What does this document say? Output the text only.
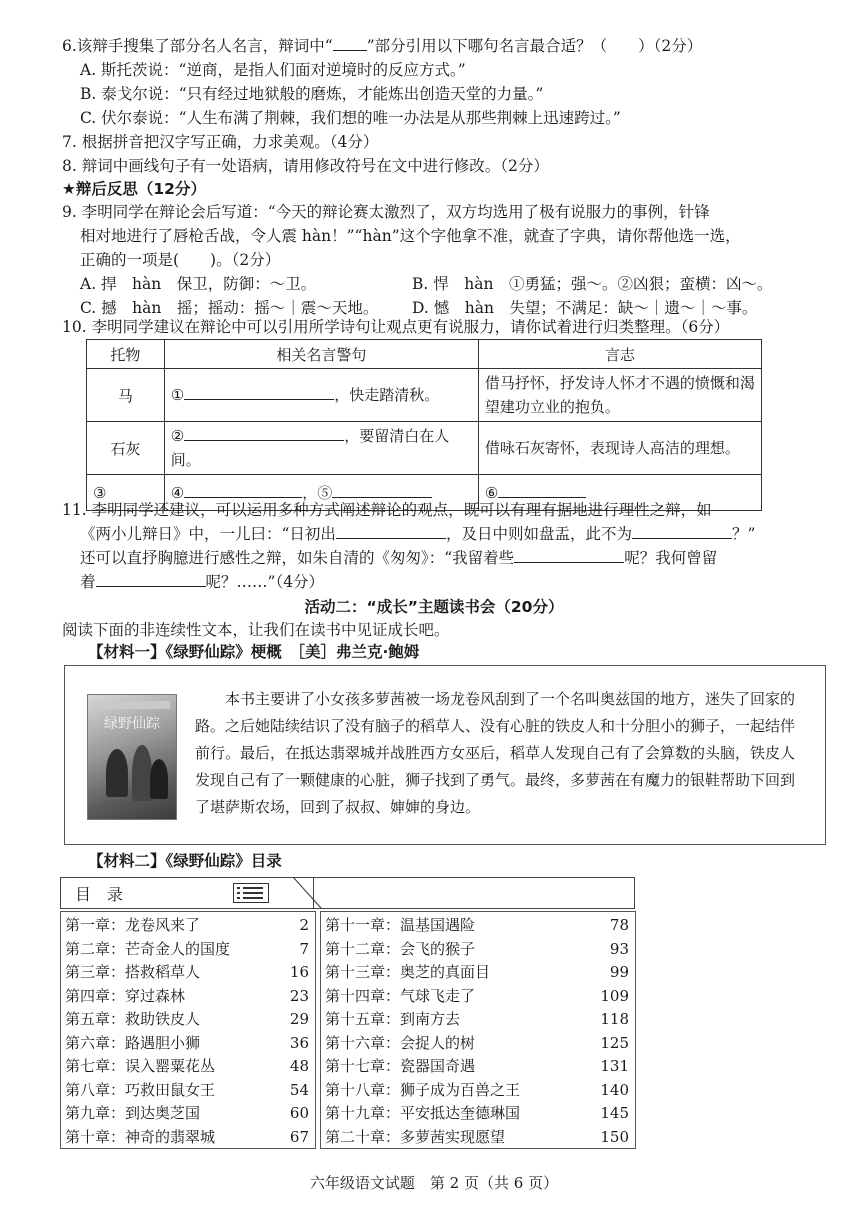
6.该辩手搜集了部分名人名言，辩词中“ ”部分引用以下哪句名言最合适？（　　）（2分）
A. 斯托茨说：“逆商，是指人们面对逆境时的反应方式。”
B. 泰戈尔说：“只有经过地狱般的磨炼，才能炼出创造天堂的力量。”
C. 伏尔泰说：“人生布满了荆棘，我们想的唯一办法是从那些荆棘上迅速跨过。”
7. 根据拼音把汉字写正确，力求美观。（4分）
8. 辩词中画线句子有一处语病，请用修改符号在文中进行修改。（2分）
★辩后反思（12分）
9. 李明同学在辩论会后写道：“今天的辩论赛太激烈了，双方均选用了极有说服力的事例，针锋
相对地进行了唇枪舌战，令人震 hàn！”“hàn”这个字他拿不准，就查了字典，请你帮他选一选，
正确的一项是(　　)。（2分）
A. 捍　hàn　保卫，防御：～卫。	B. 悍　hàn　①勇猛；强～。②凶狠；蛮横：凶～。
C. 撼　hàn　摇；摇动：摇～｜震～天地。 D. 憾　hàn　失望；不满足：缺～｜遗～｜～事。
10. 李明同学建议在辩论中可以引用所学诗句让观点更有说服力，请你试着进行归类整理。（6分）
托物	相关名言警句	言志
马	① ，快走踏清秋。	借马抒怀，抒发诗人怀才不遇的愤慨和渴望建功立业的抱负。
石灰	② ，要留清白在人间。	借咏石灰寄怀，表现诗人高洁的理想。
③	④ ，⑤	⑥
11. 李明同学还建议，可以运用多种方式阐述辩论的观点，既可以有理有据地进行理性之辩，如
《两小儿辩日》中，一儿曰：“日初出	，及日中则如盘盂，此不为	？”
还可以直抒胸臆进行感性之辩，如朱自清的《匆匆》：“我留着些	呢？我何曾留
着	呢？……”（4分）
活动二：“成长”主题读书会（20分）
阅读下面的非连续性文本，让我们在读书中见证成长吧。
【材料一】《绿野仙踪》梗概　［美］弗兰克·鲍姆
绿野仙踪
本书主要讲了小女孩多萝茜被一场龙卷风刮到了一个名叫奥兹国的地方，迷失了回家的路。之后她陆续结识了没有脑子的稻草人、没有心脏的铁皮人和十分胆小的狮子，一起结伴前行。最后，在抵达翡翠城并战胜西方女巫后，稻草人发现自己有了会算数的头脑，铁皮人发现自己有了一颗健康的心脏，狮子找到了勇气。最终，多萝茜在有魔力的银鞋帮助下回到了堪萨斯农场，回到了叔叔、婶婶的身边。
【材料二】《绿野仙踪》目录
目　录
第一章：龙卷风来了	2
第二章：芒奇金人的国度	7
第三章：搭救稻草人	16
第四章：穿过森林	23
第五章：救助铁皮人	29
第六章：路遇胆小狮	36
第七章：误入罂粟花丛	48
第八章：巧救田鼠女王	54
第九章：到达奥芝国	60
第十章：神奇的翡翠城	67
第十一章：温基国遇险	78
第十二章：会飞的猴子	93
第十三章：奥芝的真面目	99
第十四章：气球飞走了	109
第十五章：到南方去	118
第十六章：会捉人的树	125
第十七章：瓷器国奇遇	131
第十八章：狮子成为百兽之王	140
第十九章：平安抵达奎德琳国	145
第二十章：多萝茜实现愿望	150
六年级语文试题　第 2 页（共 6 页）
